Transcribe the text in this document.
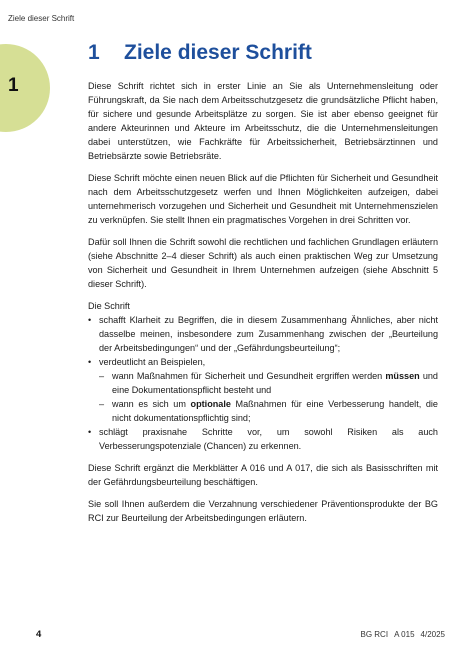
Ziele dieser Schrift
1
1 Ziele dieser Schrift

Diese Schrift richtet sich in erster Linie an Sie als Unternehmensleitung oder Führungskraft, da Sie nach dem Arbeitsschutzgesetz die grundsätzliche Pflicht haben, für sichere und gesunde Arbeitsplätze zu sorgen. Sie ist aber ebenso geeignet für andere Akteurinnen und Akteure im Arbeitsschutz, die die Unternehmensleitungen dabei unterstützen, wie Fachkräfte für Arbeitssicherheit, Betriebsärztinnen und Betriebsärzte sowie Betriebsräte.

Diese Schrift möchte einen neuen Blick auf die Pflichten für Sicherheit und Gesundheit nach dem Arbeitsschutzgesetz werfen und Ihnen Möglichkeiten aufzeigen, dabei unternehmerisch vorzugehen und Sicherheit und Gesundheit mit Unternehmenszielen zu verknüpfen. Sie stellt Ihnen ein pragmatisches Vorgehen in drei Schritten vor.

Dafür soll Ihnen die Schrift sowohl die rechtlichen und fachlichen Grundlagen erläutern (siehe Abschnitte 2–4 dieser Schrift) als auch einen praktischen Weg zur Umsetzung von Sicherheit und Gesundheit in Ihrem Unternehmen aufzeigen (siehe Abschnitt 5 dieser Schrift).

Die Schrift

• schafft Klarheit zu Begriffen, die in diesem Zusammenhang Ähnliches, aber nicht dasselbe meinen, insbesondere zum Zusammenhang zwischen der „Beurteilung der Arbeitsbedingungen“ und der „Gefährdungsbeurteilung“;
• verdeutlicht an Beispielen,
– wann Maßnahmen für Sicherheit und Gesundheit ergriffen werden müssen und eine Dokumentationspflicht besteht und
– wann es sich um optionale Maßnahmen für eine Verbesserung handelt, die nicht dokumentationspflichtig sind;
• schlägt praxisnahe Schritte vor, um sowohl Risiken als auch Verbesserungspotenziale (Chancen) zu erkennen.

Diese Schrift ergänzt die Merkblätter A 016 und A 017, die sich als Basisschriften mit der Gefährdungsbeurteilung beschäftigen.

Sie soll Ihnen außerdem die Verzahnung verschiedener Präventionsprodukte der BG RCI zur Beurteilung der Arbeitsbedingungen erläutern.

4	BG RCI A 015 4/2025
